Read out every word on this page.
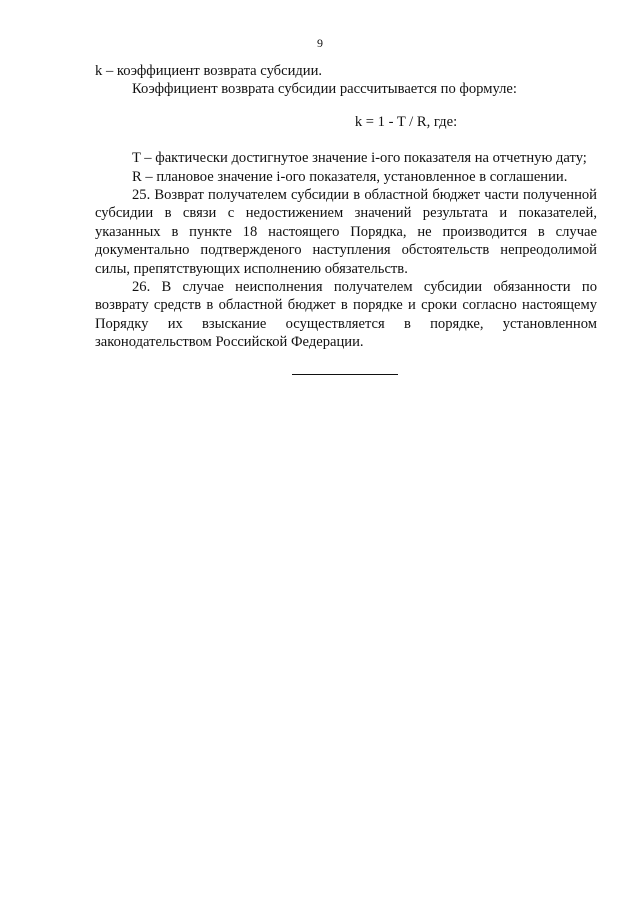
9
k – коэффициент возврата субсидии.
Коэффициент возврата субсидии рассчитывается по формуле:
k = 1 - T / R, где:
T – фактически достигнутое значение i-ого показателя на отчетную дату;
R – плановое значение i-ого показателя, установленное в соглашении.
25. Возврат получателем субсидии в областной бюджет части полученной субсидии в связи с недостижением значений результата и показателей, указанных в пункте 18 настоящего Порядка, не производится в случае документально подтвержденого наступления обстоятельств непреодолимой силы, препятствующих исполнению обязательств.
26. В случае неисполнения получателем субсидии обязанности по возврату средств в областной бюджет в порядке и сроки согласно настоящему Порядку их взыскание осуществляется в порядке, установленном законодательством Российской Федерации.
